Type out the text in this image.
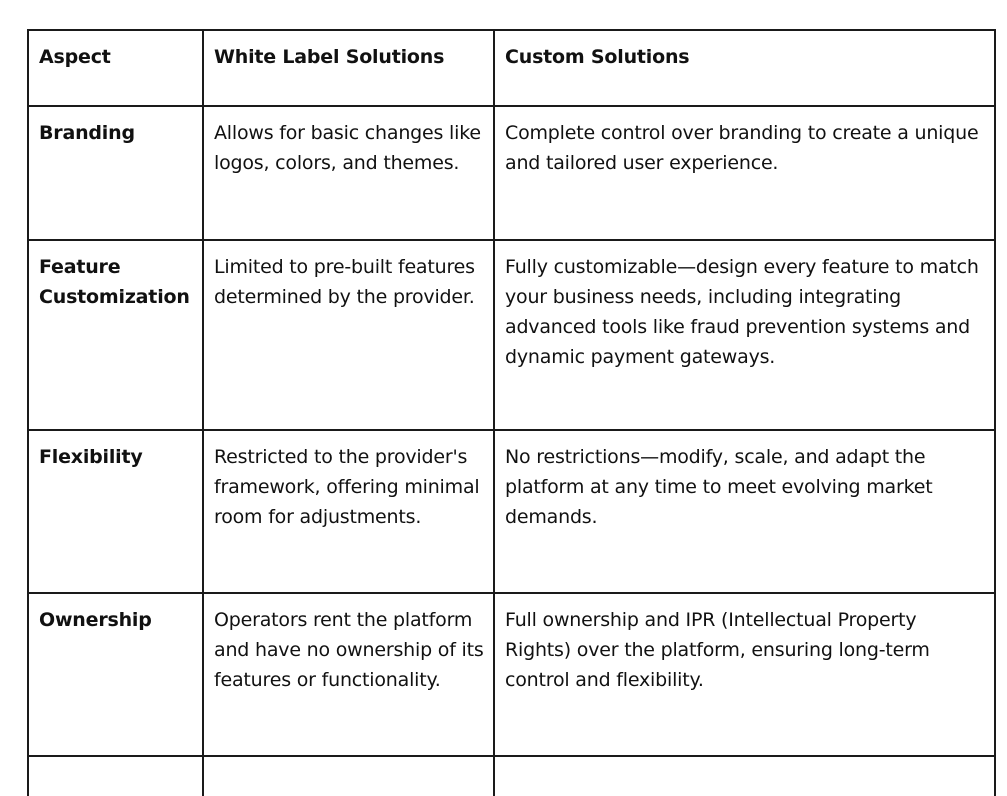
Aspect	White Label Solutions	Custom Solutions
Branding	Allows for basic changes like logos, colors, and themes.	Complete control over branding to create a unique and tailored user experience.
Feature Customization	Limited to pre-built features determined by the provider.	Fully customizable—design every feature to match your business needs, including integrating advanced tools like fraud prevention systems and dynamic payment gateways.
Flexibility	Restricted to the provider's framework, offering minimal room for adjustments.	No restrictions—modify, scale, and adapt the platform at any time to meet evolving market demands.
Ownership	Operators rent the platform and have no ownership of its features or functionality.	Full ownership and IPR (Intellectual Property Rights) over the platform, ensuring long-term control and flexibility.
